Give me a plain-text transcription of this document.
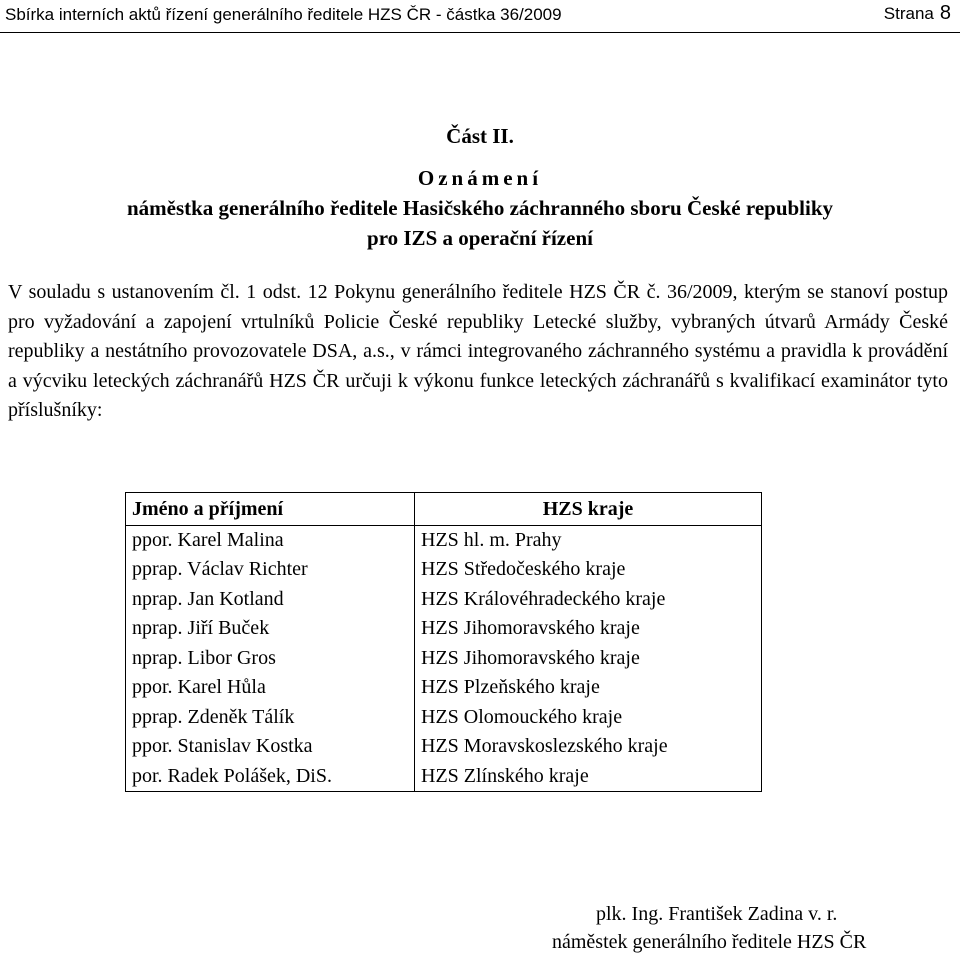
Sbírka interních aktů řízení generálního ředitele HZS ČR - částka 36/2009	Strana 8
Část II.
Oznámení
náměstka generálního ředitele Hasičského záchranného sboru České republiky
pro IZS a operační řízení
V souladu s ustanovením čl. 1 odst. 12 Pokynu generálního ředitele HZS ČR č. 36/2009, kterým se stanoví postup pro vyžadování a zapojení vrtulníků Policie České republiky Letecké služby, vybraných útvarů Armády České republiky a nestátního provozovatele DSA, a.s., v rámci integrovaného záchranného systému a pravidla k provádění a výcviku leteckých záchranářů HZS ČR určuji k výkonu funkce leteckých záchranářů s kvalifikací examinátor tyto příslušníky:
Jméno a příjmení	HZS kraje
ppor. Karel Malina	HZS hl. m. Prahy
pprap. Václav Richter	HZS Středočeského kraje
nprap. Jan Kotland	HZS Královéhradeckého kraje
nprap. Jiří Buček	HZS Jihomoravského kraje
nprap. Libor Gros	HZS Jihomoravského kraje
ppor. Karel Hůla	HZS Plzeňského kraje
pprap. Zdeněk Tálík	HZS Olomouckého kraje
ppor. Stanislav Kostka	HZS Moravskoslezského kraje
por. Radek Polášek, DiS.	HZS Zlínského kraje
plk. Ing. František Zadina v. r.
náměstek generálního ředitele HZS ČR
